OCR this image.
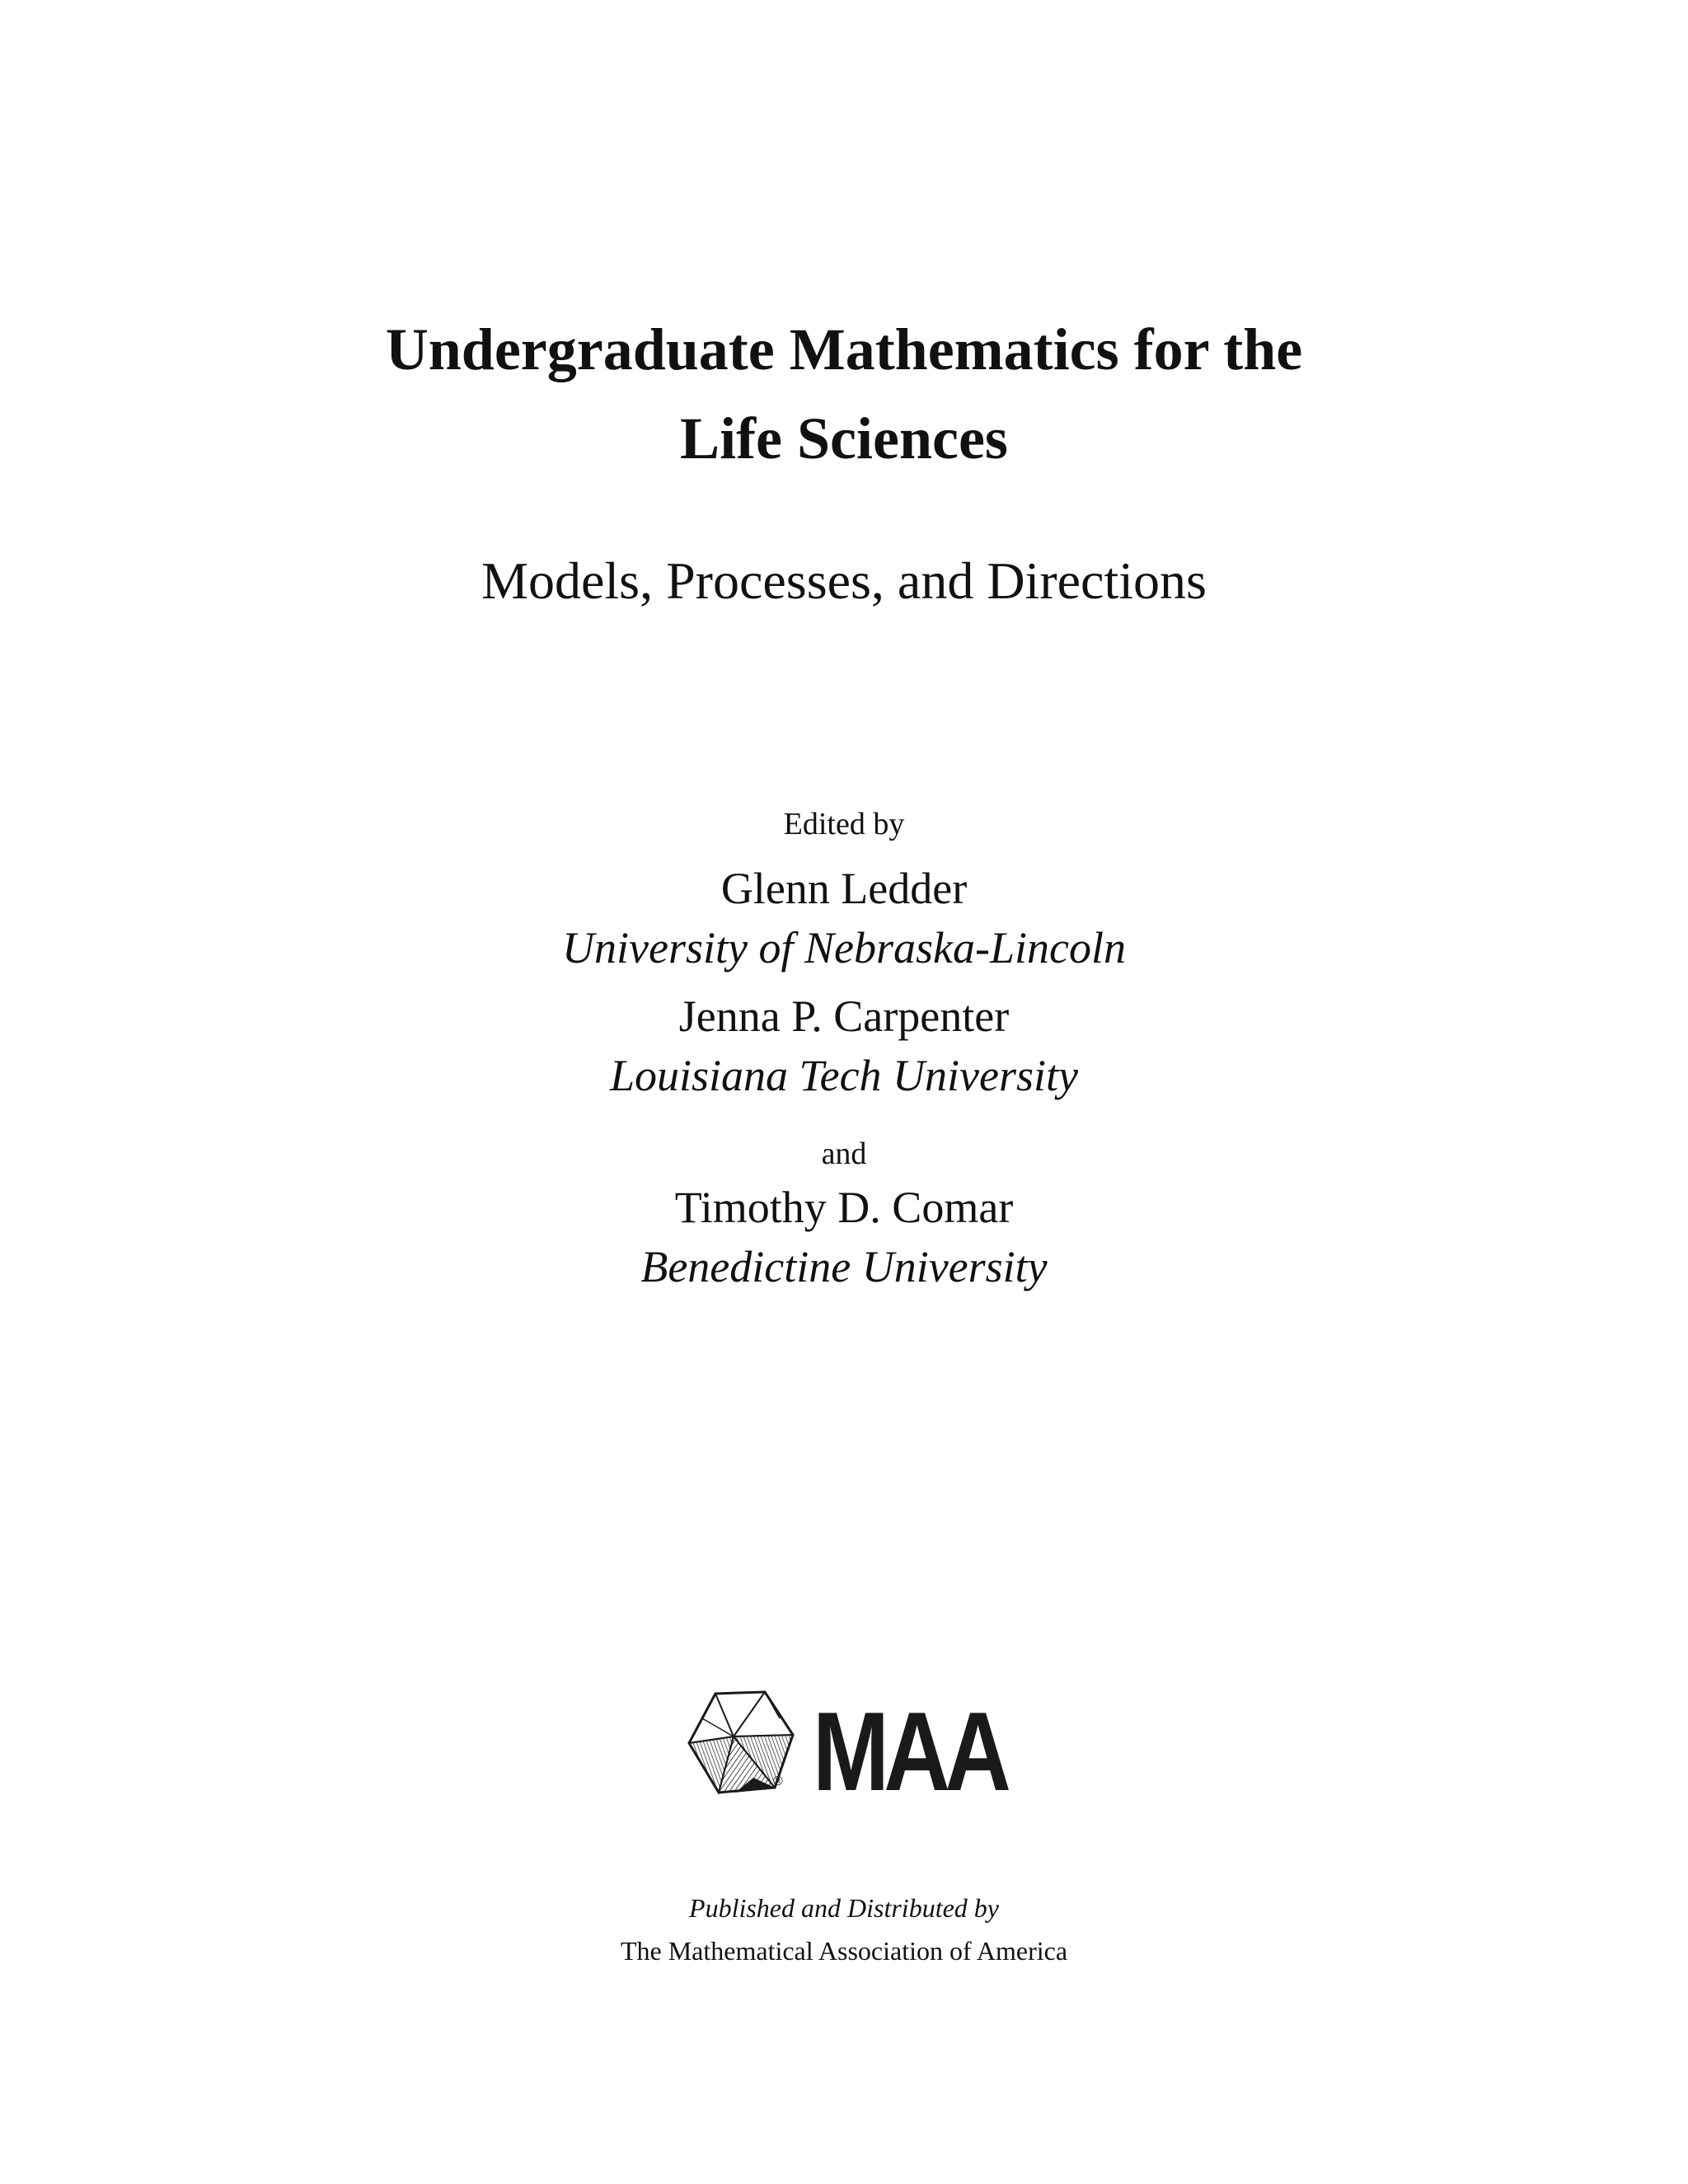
Undergraduate Mathematics for the
Life Sciences
Models, Processes, and Directions
Edited by
Glenn Ledder
University of Nebraska-Lincoln
Jenna P. Carpenter
Louisiana Tech University
and
Timothy D. Comar
Benedictine University
® MAA
Published and Distributed by
The Mathematical Association of America
